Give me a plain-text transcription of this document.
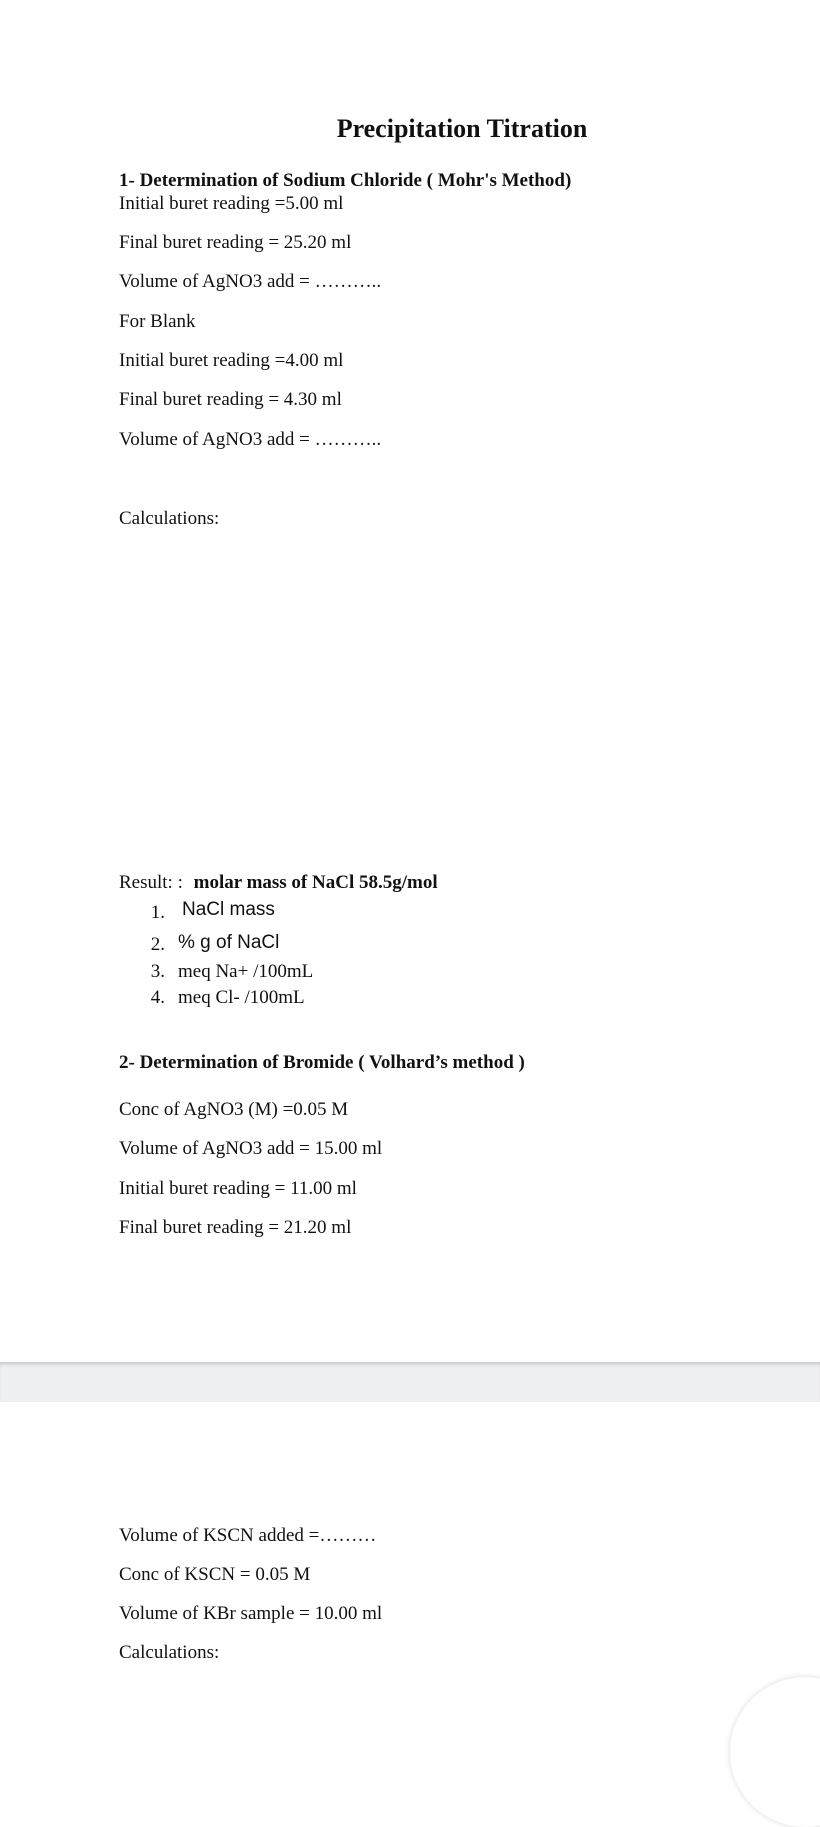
Precipitation Titration
1- Determination of Sodium Chloride ( Mohr's Method)
Initial buret reading =5.00 ml
Final buret reading = 25.20 ml
Volume of AgNO3 add = ………..
For Blank
Initial buret reading =4.00 ml
Final buret reading = 4.30 ml
Volume of AgNO3 add = ………..
Calculations:
Result: : molar mass of NaCl 58.5g/mol
1. NaCl mass
2. % g of NaCl
3. meq Na+ /100mL
4. meq Cl- /100mL
2- Determination of Bromide ( Volhard’s method )
Conc of AgNO3 (M) =0.05 M
Volume of AgNO3 add = 15.00 ml
Initial buret reading = 11.00 ml
Final buret reading = 21.20 ml
Volume of KSCN added =………
Conc of KSCN = 0.05 M
Volume of KBr sample = 10.00 ml
Calculations:
